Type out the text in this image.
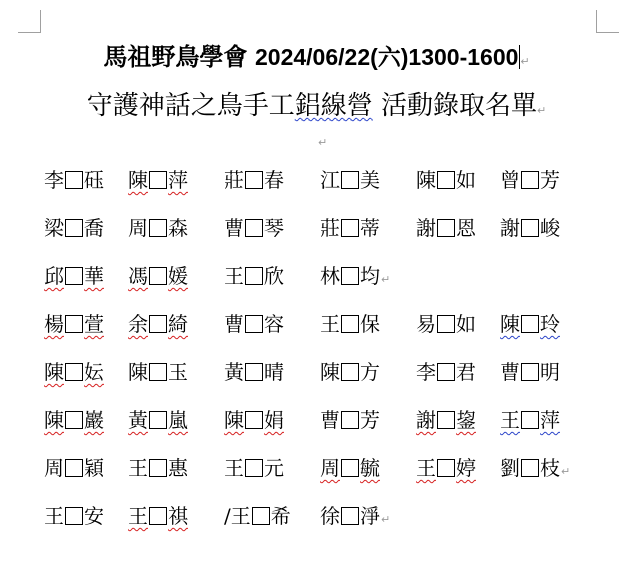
馬祖野鳥學會 2024/06/22(六)1300-1600 ↵
守護神話之鳥手工鋁線營 活動錄取名單↵
↵
李 砡 陳 萍 莊 春 江 美 陳 如 曾 芳
梁 喬 周 森 曹 琴 莊 蒂 謝 恩 謝 峻
邱 華 馮 媛 王 欣 林 均↵
楊 萱 余 綺 曹 容 王 保 易 如 陳 玲
陳 妘 陳 玉 黃 晴 陳 方 李 君 曹 明
陳 巖 黃 嵐 陳 娟 曹 芳 謝 鋆 王 萍
周 穎 王 惠 王 元 周 毓 王 婷 劉 枝↵
王 安 王 祺 /王 希 徐 淨↵
